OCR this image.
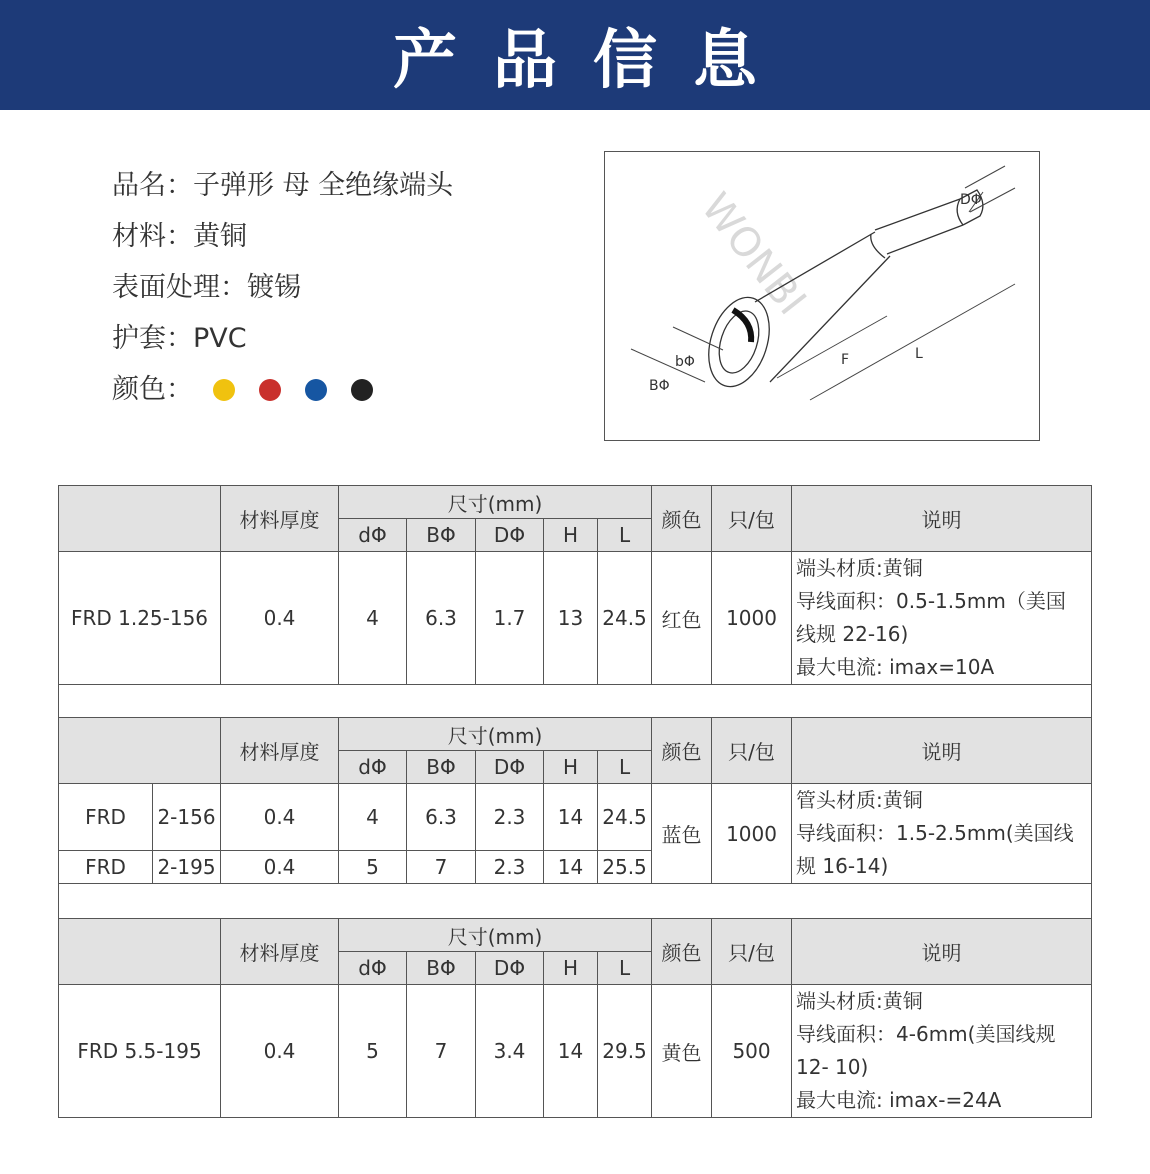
产品信息
品名： 子弹形 母 全绝缘端头
材料： 黄铜
表面处理： 镀锡
护套： PVC
颜色：
WONBI	DΦ
bΦ
BΦ
F	L
		材料厚度	尺寸(mm)					颜色	只/包	说明
			dΦ	BΦ	DΦ	H	L			
FRD 1.25-156		0.4	4	6.3	1.7	13	24.5	红色	1000	端头材质:黄铜
导线面积：0.5-1.5mm（美国
线规 22-16)
最大电流: imax=10A

		材料厚度	尺寸(mm)					颜色	只/包	说明
			dΦ	BΦ	DΦ	H	L			
FRD	2-156	0.4	4	6.3	2.3	14	24.5	蓝色	1000	管头材质:黄铜
导线面积：1.5-2.5mm(美国线
规 16-14)

FRD	2-195	0.4	5	7	2.3	14	25.5			

		材料厚度	尺寸(mm)					颜色	只/包	说明
			dΦ	BΦ	DΦ	H	L			
FRD 5.5-195		0.4	5	7	3.4	14	29.5	黄色	500	端头材质:黄铜
导线面积：4-6mm(美国线规
12- 10)
最大电流: imax-=24A
